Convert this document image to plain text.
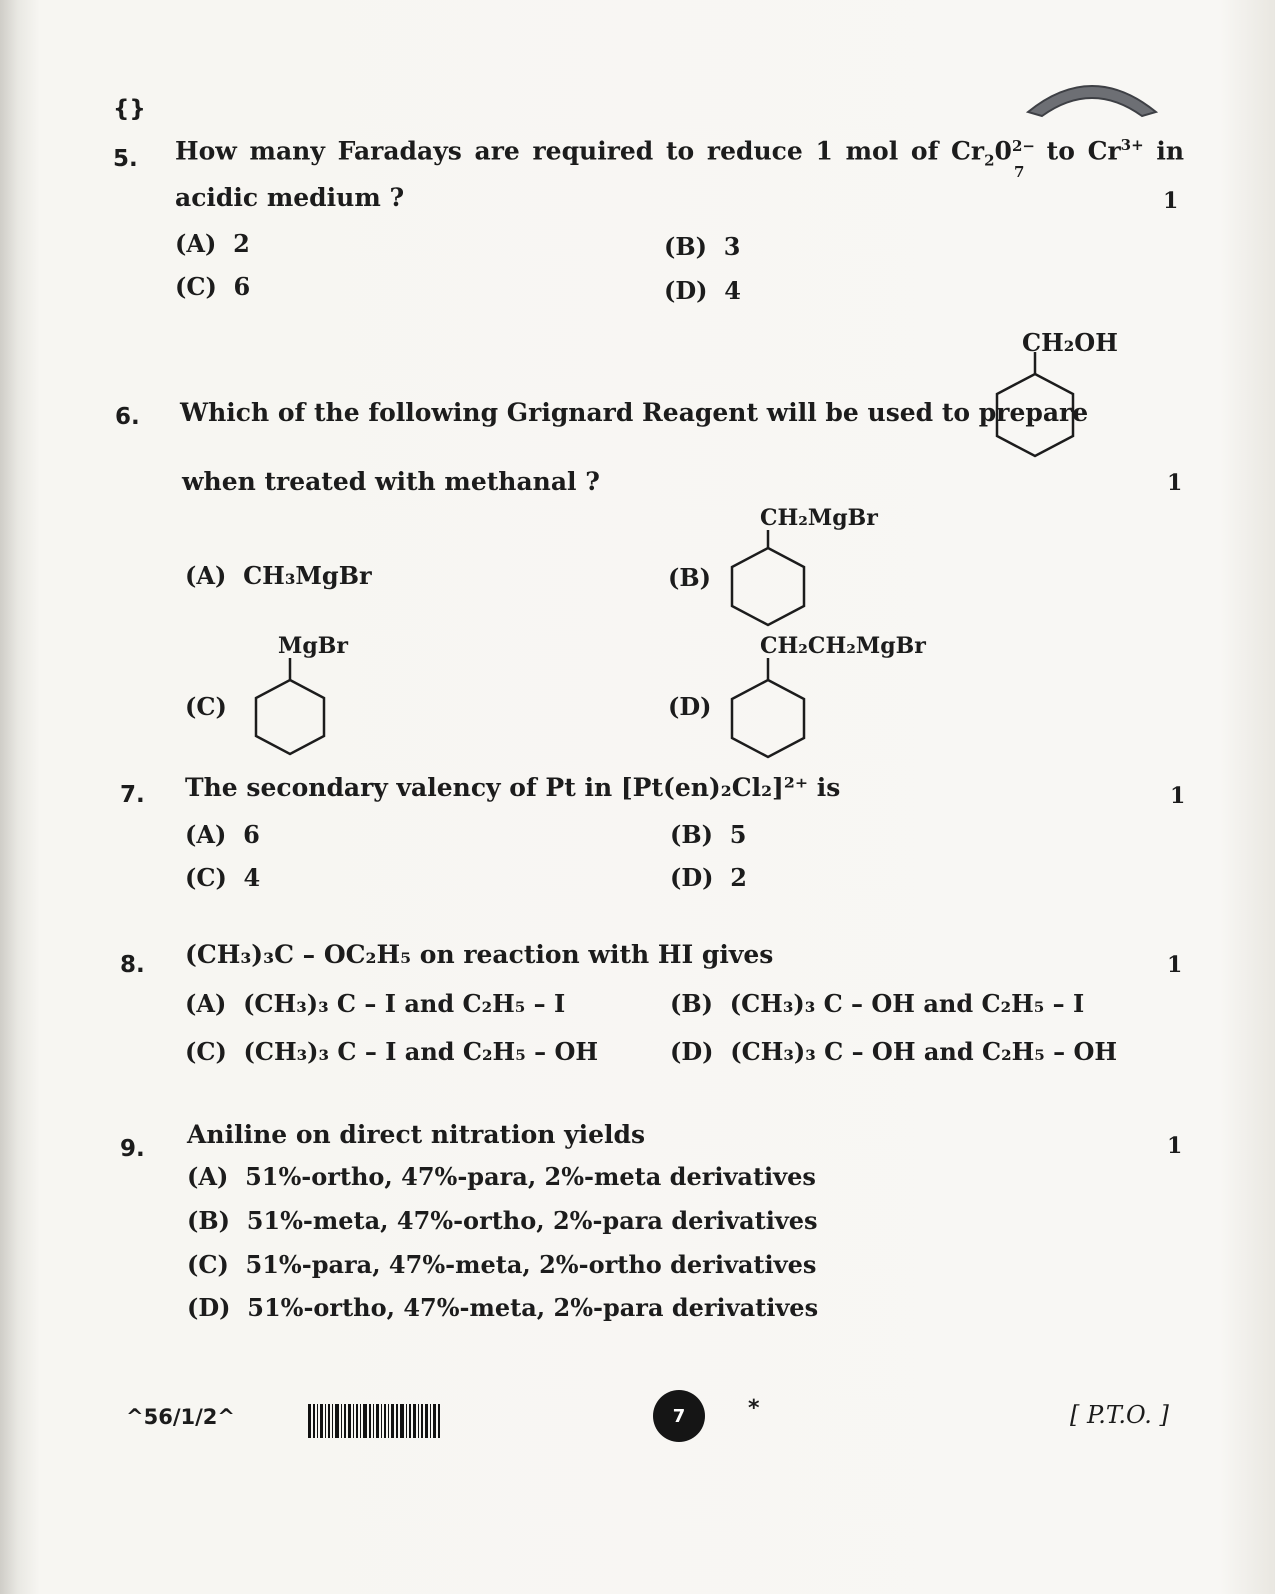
{}
5. How many Faradays are required to reduce 1 mol of $Cr_20$ 2−
7
to $Cr^{3+}$ in
acidic medium ?	1
(A) 2	(B) 3
(C) 6	(D) 4
CH₂OH
6. Which of the following Grignard Reagent will be used to prepare
when treated with methanal ?	1
(A) CH₃MgBr	(B)
CH₂MgBr
(C)
MgBr
(D)
CH₂CH₂MgBr
7. The secondary valency of Pt in [Pt(en)₂Cl₂]²⁺ is	1
(A) 6	(B) 5
(C) 4	(D) 2
8. (CH₃)₃C – OC₂H₅ on reaction with HI gives	1
(A) (CH₃)₃ C – I and C₂H₅ – I	(B) (CH₃)₃ C – OH and C₂H₅ – I
(C) (CH₃)₃ C – I and C₂H₅ – OH	(D) (CH₃)₃ C – OH and C₂H₅ – OH
9. Aniline on direct nitration yields	1
(A) 51%-ortho, 47%-para, 2%-meta derivatives
(B) 51%-meta, 47%-ortho, 2%-para derivatives
(C) 51%-para, 47%-meta, 2%-ortho derivatives
(D) 51%-ortho, 47%-meta, 2%-para derivatives
^56/1/2^	7	*	[ P.T.O. ]
